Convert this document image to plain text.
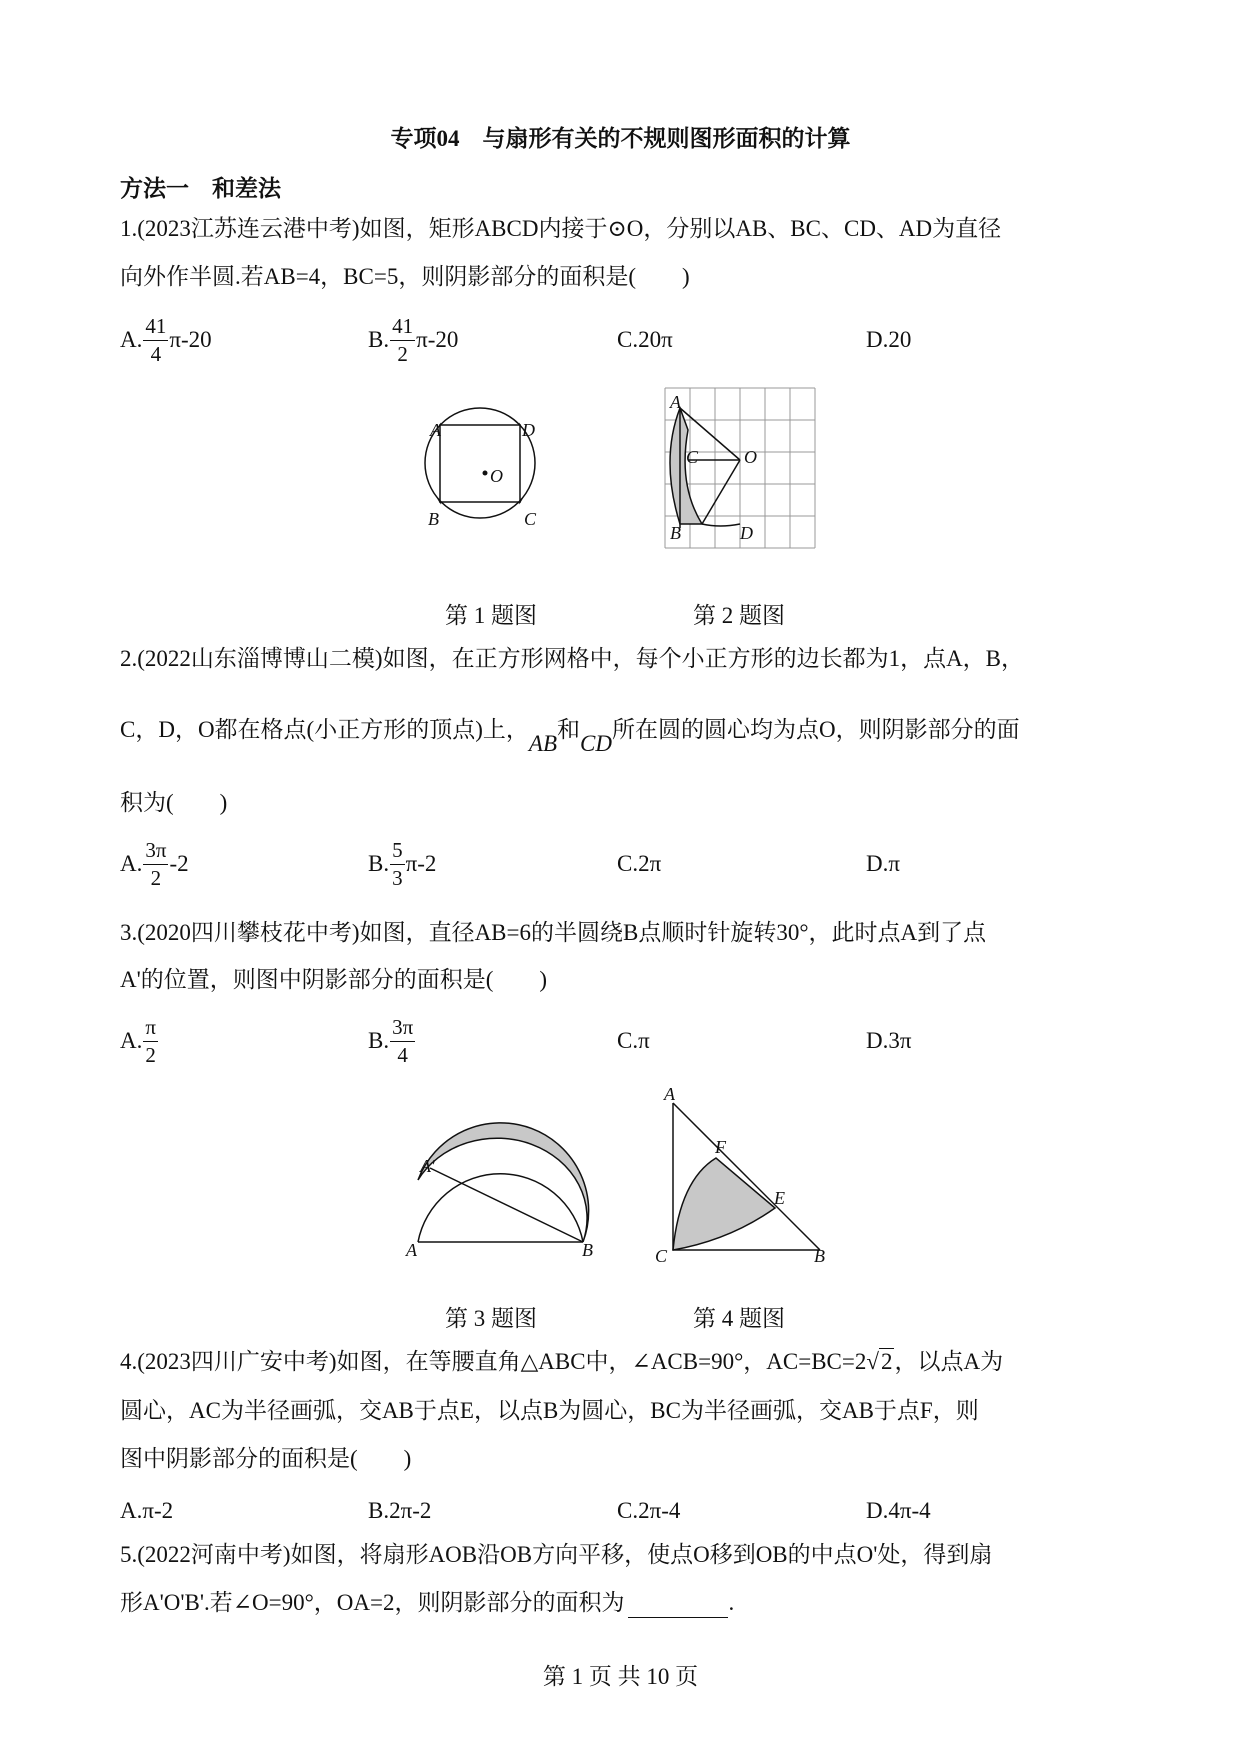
专项04　与扇形有关的不规则图形面积的计算
方法一　和差法
1.(2023江苏连云港中考)如图，矩形ABCD内接于⊙O，分别以AB、BC、CD、AD为直径
向外作半圆.若AB=4，BC=5，则阴影部分的面积是(　　)
A. $\frac{41}{4} \pi-20$	B. $\frac{41}{2} \pi-20$	C.20π	D.20
A	D
B	C
O
A
C	O
B	D
第 1 题图	第 2 题图
2.(2022山东淄博博山二模)如图，在正方形网格中，每个小正方形的边长都为1，点A，B，
C，D，O都在格点(小正方形的顶点)上，AB和CD所在圆的圆心均为点O，则阴影部分的面
积为(　　)
A. $\frac{3\pi}{2} -2$	B. $\frac{5}{3} \pi-2$	C.2π	D.π
3.(2020四川攀枝花中考)如图，直径AB=6的半圆绕B点顺时针旋转30°，此时点A到了点
A'的位置，则图中阴影部分的面积是(　　)
A. $\frac{\pi}{2}$	B. $\frac{3\pi}{4}$	C.π	D.3π
A′
A	B
A
F
E
C	B
第 3 题图	第 4 题图
4.(2023四川广安中考)如图，在等腰直角△ABC中，∠ACB=90°，AC=BC=2√2，以点A为
圆心，AC为半径画弧，交AB于点E，以点B为圆心，BC为半径画弧，交AB于点F，则
图中阴影部分的面积是(　　)
A.π-2	B.2π-2	C.2π-4	D.4π-4
5.(2022河南中考)如图，将扇形AOB沿OB方向平移，使点O移到OB的中点O'处，得到扇
形A'O'B'.若∠O=90°，OA=2，则阴影部分的面积为	.
第 1 页 共 10 页
